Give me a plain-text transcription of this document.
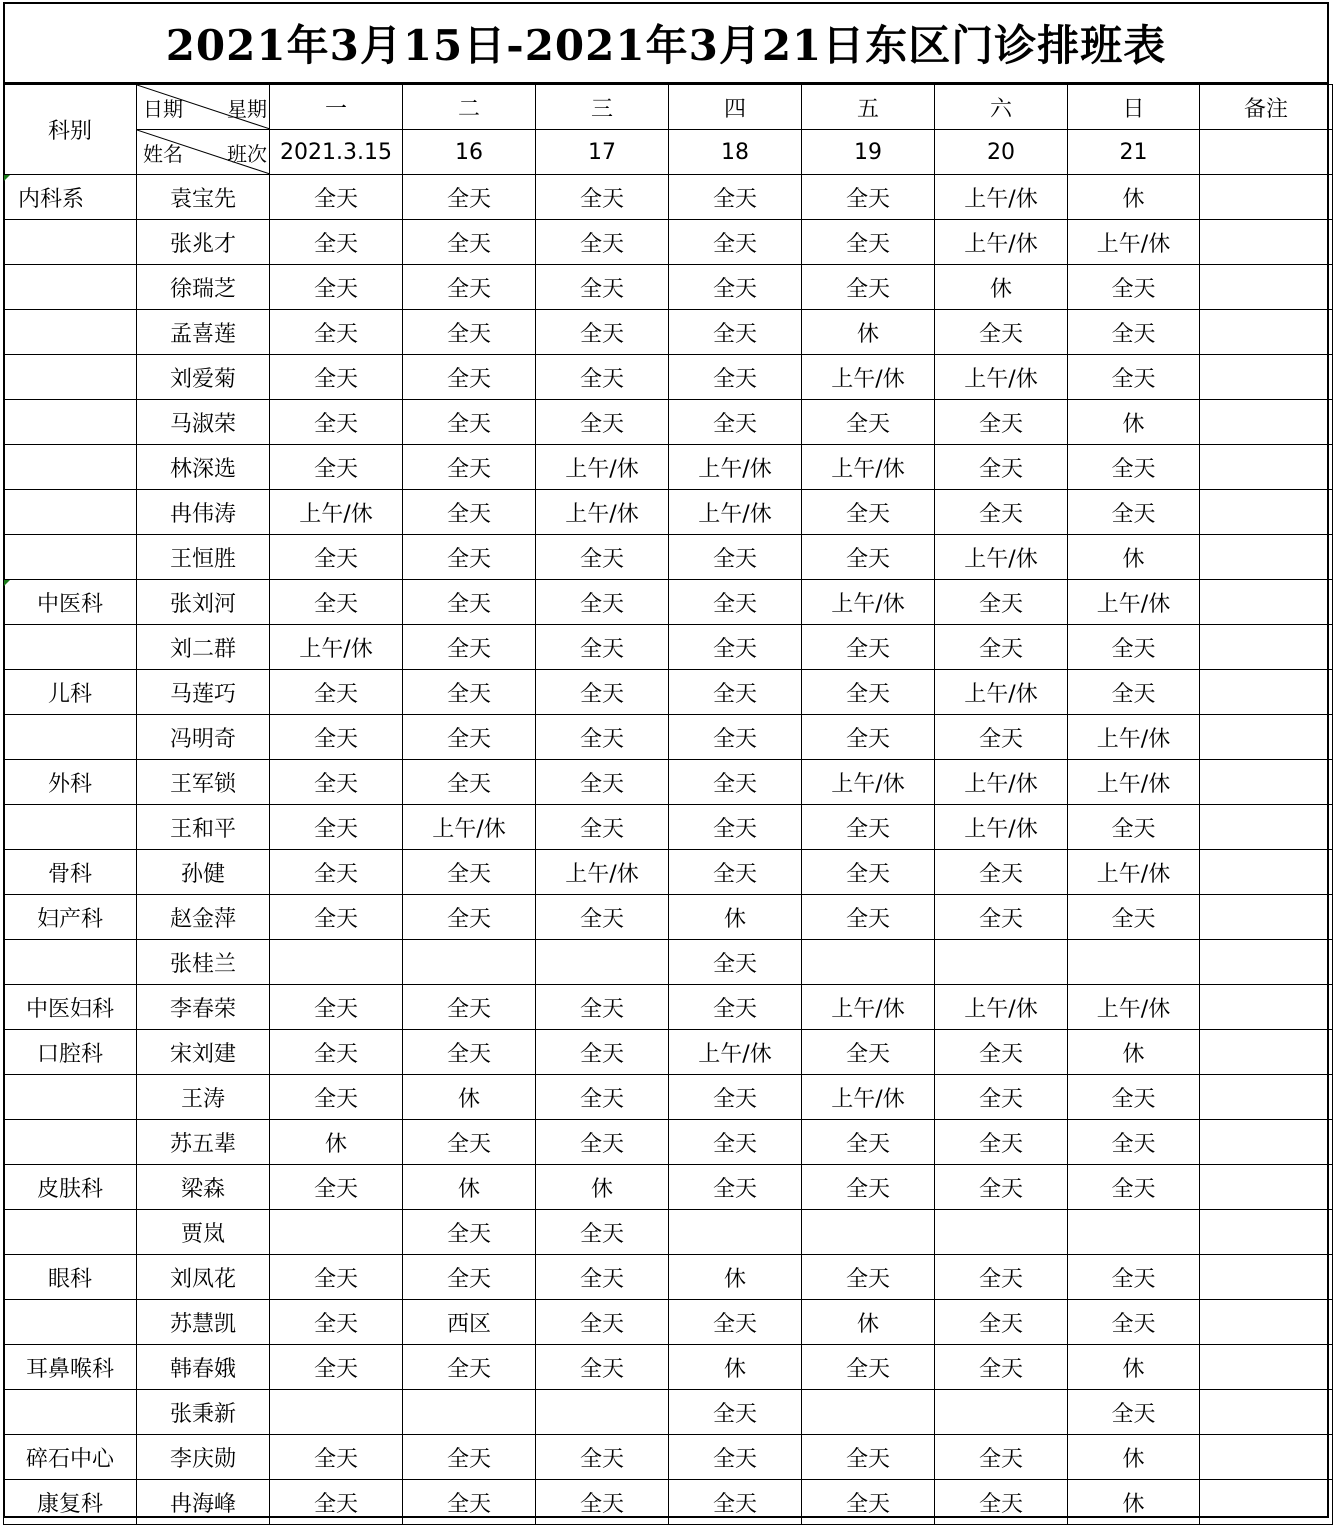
2021年3月15日-2021年3月21日东区门诊排班表
科别	日期 星期	一	二	三	四	五	六	日	备注

	姓名 班次	2021.3.15	16	17	18	19	20	21	
内科系	袁宝先	全天	全天	全天	全天	全天	上午/休	休	
	张兆才	全天	全天	全天	全天	全天	上午/休	上午/休	
	徐瑞芝	全天	全天	全天	全天	全天	休	全天	
	孟喜莲	全天	全天	全天	全天	休	全天	全天	
	刘爱菊	全天	全天	全天	全天	上午/休	上午/休	全天	
	马淑荣	全天	全天	全天	全天	全天	全天	休	
	林深选	全天	全天	上午/休	上午/休	上午/休	全天	全天	
	冉伟涛	上午/休	全天	上午/休	上午/休	全天	全天	全天	
	王恒胜	全天	全天	全天	全天	全天	上午/休	休	
中医科	张刘河	全天	全天	全天	全天	上午/休	全天	上午/休	
	刘二群	上午/休	全天	全天	全天	全天	全天	全天	
儿科	马莲巧	全天	全天	全天	全天	全天	上午/休	全天	
	冯明奇	全天	全天	全天	全天	全天	全天	上午/休	
外科	王军锁	全天	全天	全天	全天	上午/休	上午/休	上午/休	
	王和平	全天	上午/休	全天	全天	全天	上午/休	全天	
骨科	孙健	全天	全天	上午/休	全天	全天	全天	上午/休	
妇产科	赵金萍	全天	全天	全天	休	全天	全天	全天	
	张桂兰				全天				
中医妇科	李春荣	全天	全天	全天	全天	上午/休	上午/休	上午/休	
口腔科	宋刘建	全天	全天	全天	上午/休	全天	全天	休	
	王涛	全天	休	全天	全天	上午/休	全天	全天	
	苏五辈	休	全天	全天	全天	全天	全天	全天	
皮肤科	梁森	全天	休	休	全天	全天	全天	全天	
	贾岚		全天	全天					
眼科	刘凤花	全天	全天	全天	休	全天	全天	全天	
	苏慧凯	全天	西区	全天	全天	休	全天	全天	
耳鼻喉科	韩春娥	全天	全天	全天	休	全天	全天	休	
	张秉新				全天			全天	
碎石中心	李庆勋	全天	全天	全天	全天	全天	全天	休	
康复科	冉海峰	全天	全天	全天	全天	全天	全天	休	
